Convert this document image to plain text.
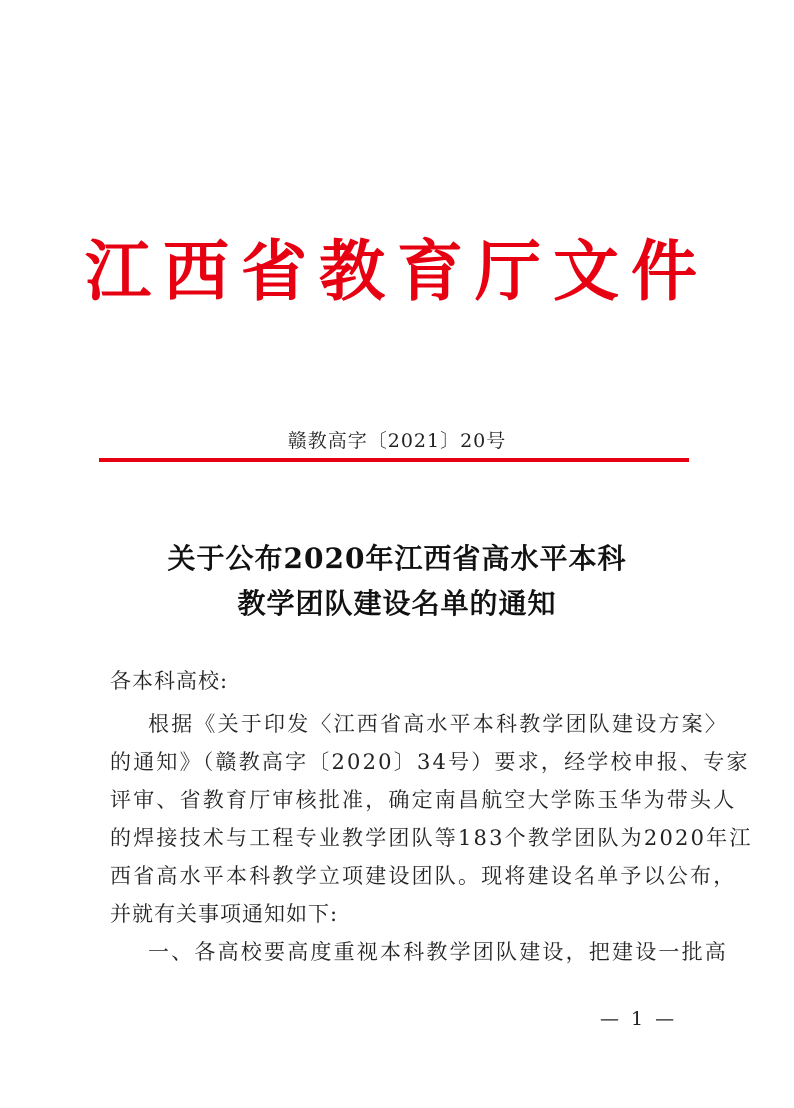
江西省教育厅文件
赣教高字〔2021〕20号
关于公布2020年江西省高水平本科
教学团队建设名单的通知
各本科高校:
根据《关于印发〈江西省高水平本科教学团队建设方案〉
的通知》（赣教高字〔2020〕34号）要求，经学校申报、专家
评审、省教育厅审核批准，确定南昌航空大学陈玉华为带头人
的焊接技术与工程专业教学团队等183个教学团队为2020年江
西省高水平本科教学立项建设团队。现将建设名单予以公布，
并就有关事项通知如下:
一、各高校要高度重视本科教学团队建设，把建设一批高
— 1 —
